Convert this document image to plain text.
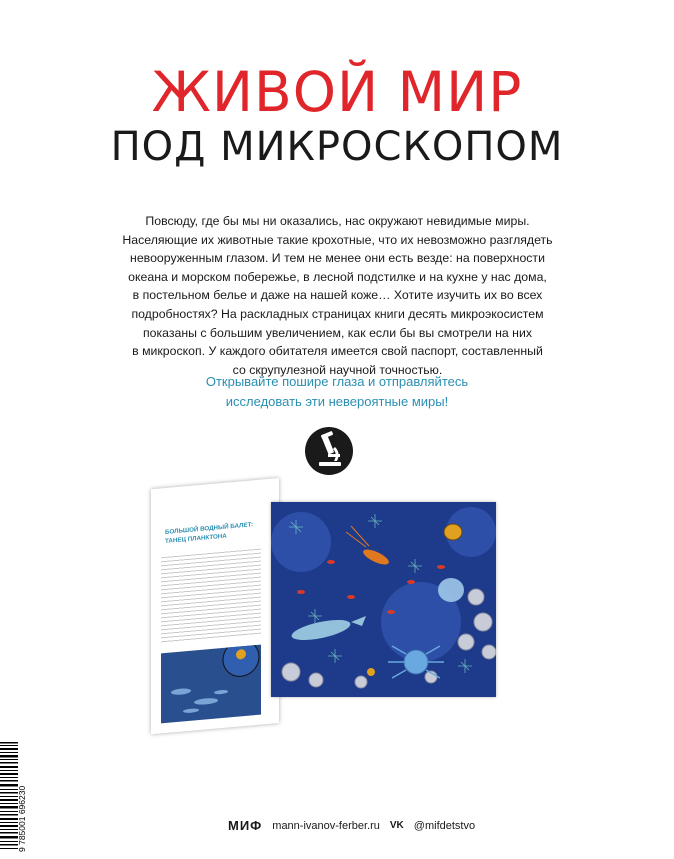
ЖИВОЙ МИР
ПОД МИКРОСКОПОМ
Повсюду, где бы мы ни оказались, нас окружают невидимые миры.
Населяющие их животные такие крохотные, что их невозможно разглядеть
невооруженным глазом. И тем не менее они есть везде: на поверхности
океана и морском побережье, в лесной подстилке и на кухне у нас дома,
в постельном белье и даже на нашей коже… Хотите изучить их во всех
подробностях? На раскладных страницах книги десять микроэкосистем
показаны с большим увеличением, как если бы вы смотрели на них
в микроскоп. У каждого обитателя имеется свой паспорт, составленный
со скрупулезной научной точностью.
Открывайте пошире глаза и отправляйтесь
исследовать эти невероятные миры!
БОЛЬШОЙ ВОДНЫЙ БАЛЕТ:
ТАНЕЦ ПЛАНКТОНА
9 785001 696230	МИФ mann-ivanov-ferber.ru VK @mifdetstvo
